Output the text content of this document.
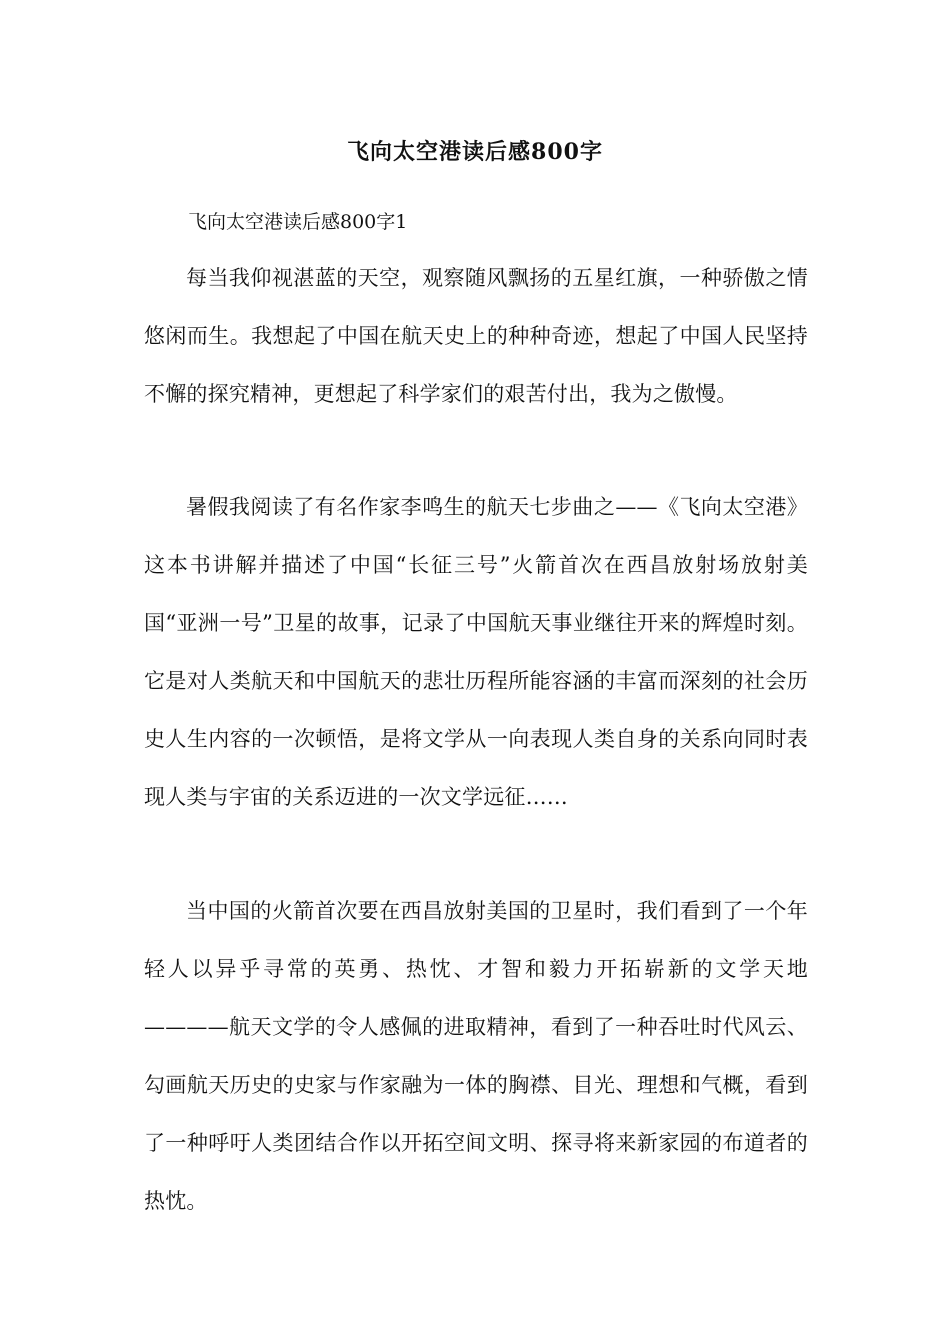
飞向太空港读后感800字

飞向太空港读后感800字1

每当我仰视湛蓝的天空，观察随风飘扬的五星红旗，一种骄傲之情悠闲而生。我想起了中国在航天史上的种种奇迹，想起了中国人民坚持不懈的探究精神，更想起了科学家们的艰苦付出，我为之傲慢。

暑假我阅读了有名作家李鸣生的航天七步曲之——《飞向太空港》这本书讲解并描述了中国“长征三号”火箭首次在西昌放射场放射美国“亚洲一号”卫星的故事，记录了中国航天事业继往开来的辉煌时刻。它是对人类航天和中国航天的悲壮历程所能容涵的丰富而深刻的社会历史人生内容的一次顿悟，是将文学从一向表现人类自身的关系向同时表现人类与宇宙的关系迈进的一次文学远征……

当中国的火箭首次要在西昌放射美国的卫星时，我们看到了一个年轻人以异乎寻常的英勇、热忱、才智和毅力开拓崭新的文学天地————航天文学的令人感佩的进取精神，看到了一种吞吐时代风云、勾画航天历史的史家与作家融为一体的胸襟、目光、理想和气概，看到了一种呼吁人类团结合作以开拓空间文明、探寻将来新家园的布道者的热忱。
